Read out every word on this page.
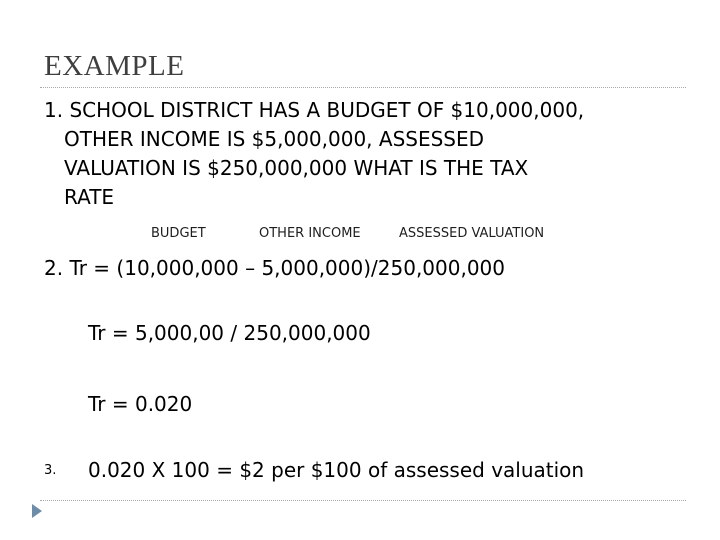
EXAMPLE
1. SCHOOL DISTRICT HAS A BUDGET OF $10,000,000,
OTHER INCOME IS $5,000,000, ASSESSED
VALUATION IS $250,000,000 WHAT IS THE TAX
RATE
BUDGET	OTHER INCOME	ASSESSED VALUATION
2. Tr = (10,000,000 – 5,000,000)/250,000,000
Tr = 5,000,00 / 250,000,000
Tr = 0.020
3. 0.020 X 100 = $2 per $100 of assessed valuation
